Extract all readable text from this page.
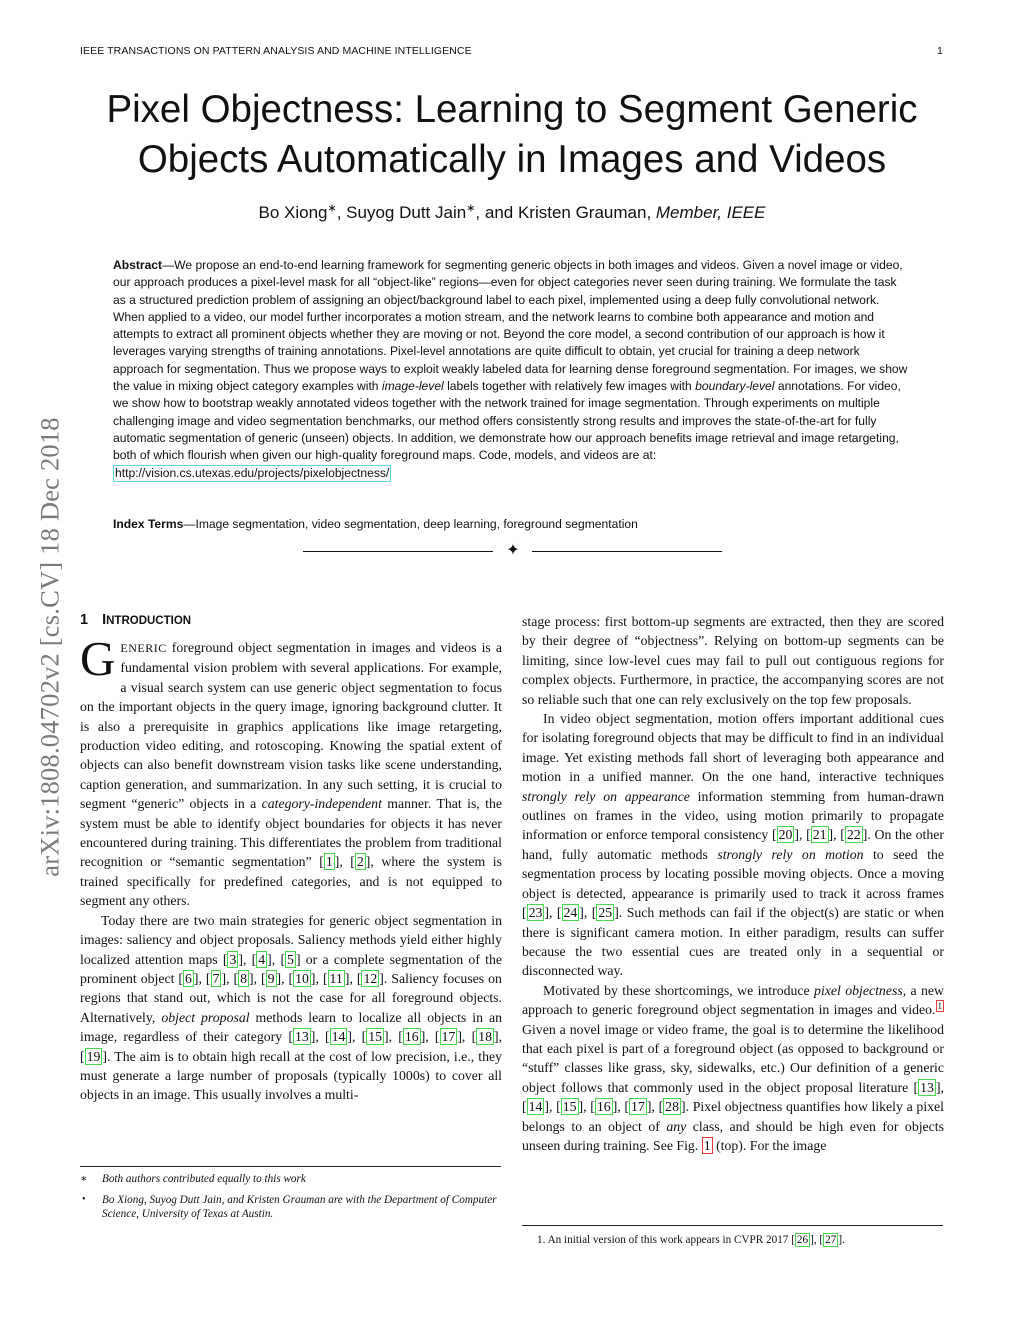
IEEE TRANSACTIONS ON PATTERN ANALYSIS AND MACHINE INTELLIGENCE	1
arXiv:1808.04702v2 [cs.CV] 18 Dec 2018
Pixel Objectness: Learning to Segment Generic
Objects Automatically in Images and Videos
Bo Xiong∗, Suyog Dutt Jain∗, and Kristen Grauman, Member, IEEE

Abstract—We propose an end-to-end learning framework for segmenting generic objects in both images and videos. Given a novel image or video, our approach produces a pixel-level mask for all “object-like” regions—even for object categories never seen during training. We formulate the task as a structured prediction problem of assigning an object/background label to each pixel, implemented using a deep fully convolutional network. When applied to a video, our model further incorporates a motion stream, and the network learns to combine both appearance and motion and attempts to extract all prominent objects whether they are moving or not. Beyond the core model, a second contribution of our approach is how it leverages varying strengths of training annotations. Pixel-level annotations are quite difficult to obtain, yet crucial for training a deep network approach for segmentation. Thus we propose ways to exploit weakly labeled data for learning dense foreground segmentation. For images, we show the value in mixing object category examples with image-level labels together with relatively few images with boundary-level annotations. For video, we show how to bootstrap weakly annotated videos together with the network trained for image segmentation. Through experiments on multiple challenging image and video segmentation benchmarks, our method offers consistently strong results and improves the state-of-the-art for fully automatic segmentation of generic (unseen) objects. In addition, we demonstrate how our approach benefits image retrieval and image retargeting, both of which flourish when given our high-quality foreground maps. Code, models, and videos are at:
http://vision.cs.utexas.edu/projects/pixelobjectness/

Index Terms—Image segmentation, video segmentation, deep learning, foreground segmentation

✦
1 INTRODUCTION

GENERIC foreground object segmentation in images and videos is a fundamental vision problem with several applications. For example, a visual search system can use generic object segmentation to focus on the important objects in the query image, ignoring background clutter. It is also a prerequisite in graphics applications like image retargeting, production video editing, and rotoscoping. Knowing the spatial extent of objects can also benefit downstream vision tasks like scene understanding, caption generation, and summarization. In any such setting, it is crucial to segment “generic” objects in a category-independent manner. That is, the system must be able to identify object boundaries for objects it has never encountered during training. This differentiates the problem from traditional recognition or “semantic segmentation” [ 1 ], [ 2 ], where the system is trained specifically for predefined categories, and is not equipped to segment any others.

Today there are two main strategies for generic object segmentation in images: saliency and object proposals. Saliency methods yield either highly localized attention maps [ 3 ], [ 4 ], [ 5 ] or a complete segmentation of the prominent object [ 6 ], [ 7 ], [ 8 ], [ 9 ], [ 10 ], [ 11 ], [ 12 ]. Saliency focuses on regions that stand out, which is not the case for all foreground objects. Alternatively, object proposal methods learn to localize all objects in an image, regardless of their category [ 13 ], [ 14 ], [ 15 ], [ 16 ], [ 17 ], [ 18 ], [ 19 ]. The aim is to obtain high recall at the cost of low precision, i.e., they must generate a large number of proposals (typically 1000s) to cover all objects in an image. This usually involves a multi-

stage process: first bottom-up segments are extracted, then they are scored by their degree of “objectness”. Relying on bottom-up segments can be limiting, since low-level cues may fail to pull out contiguous regions for complex objects. Furthermore, in practice, the accompanying scores are not so reliable such that one can rely exclusively on the top few proposals.

In video object segmentation, motion offers important additional cues for isolating foreground objects that may be difficult to find in an individual image. Yet existing methods fall short of leveraging both appearance and motion in a unified manner. On the one hand, interactive techniques strongly rely on appearance information stemming from human-drawn outlines on frames in the video, using motion primarily to propagate information or enforce temporal consistency [ 20 ], [ 21 ], [ 22 ]. On the other hand, fully automatic methods strongly rely on motion to seed the segmentation process by locating possible moving objects. Once a moving object is detected, appearance is primarily used to track it across frames [ 23 ], [ 24 ], [ 25 ]. Such methods can fail if the object(s) are static or when there is significant camera motion. In either paradigm, results can suffer because the two essential cues are treated only in a sequential or disconnected way.

Motivated by these shortcomings, we introduce pixel objectness, a new approach to generic foreground object segmentation in images and video. $^1$ Given a novel image or video frame, the goal is to determine the likelihood that each pixel is part of a foreground object (as opposed to background or “stuff” classes like grass, sky, sidewalks, etc.) Our definition of a generic object follows that commonly used in the object proposal literature [ 13 ], [ 14 ], [ 15 ], [ 16 ], [ 17 ], [ 28 ]. Pixel objectness quantifies how likely a pixel belongs to an object of any class, and should be high even for objects unseen during training. See Fig. 1 (top). For the image

∗	Both authors contributed equally to this work
•	Bo Xiong, Suyog Dutt Jain, and Kristen Grauman are with the Department of Computer Science, University of Texas at Austin.
1. An initial version of this work appears in CVPR 2017 [ 26 ], [ 27 ].
